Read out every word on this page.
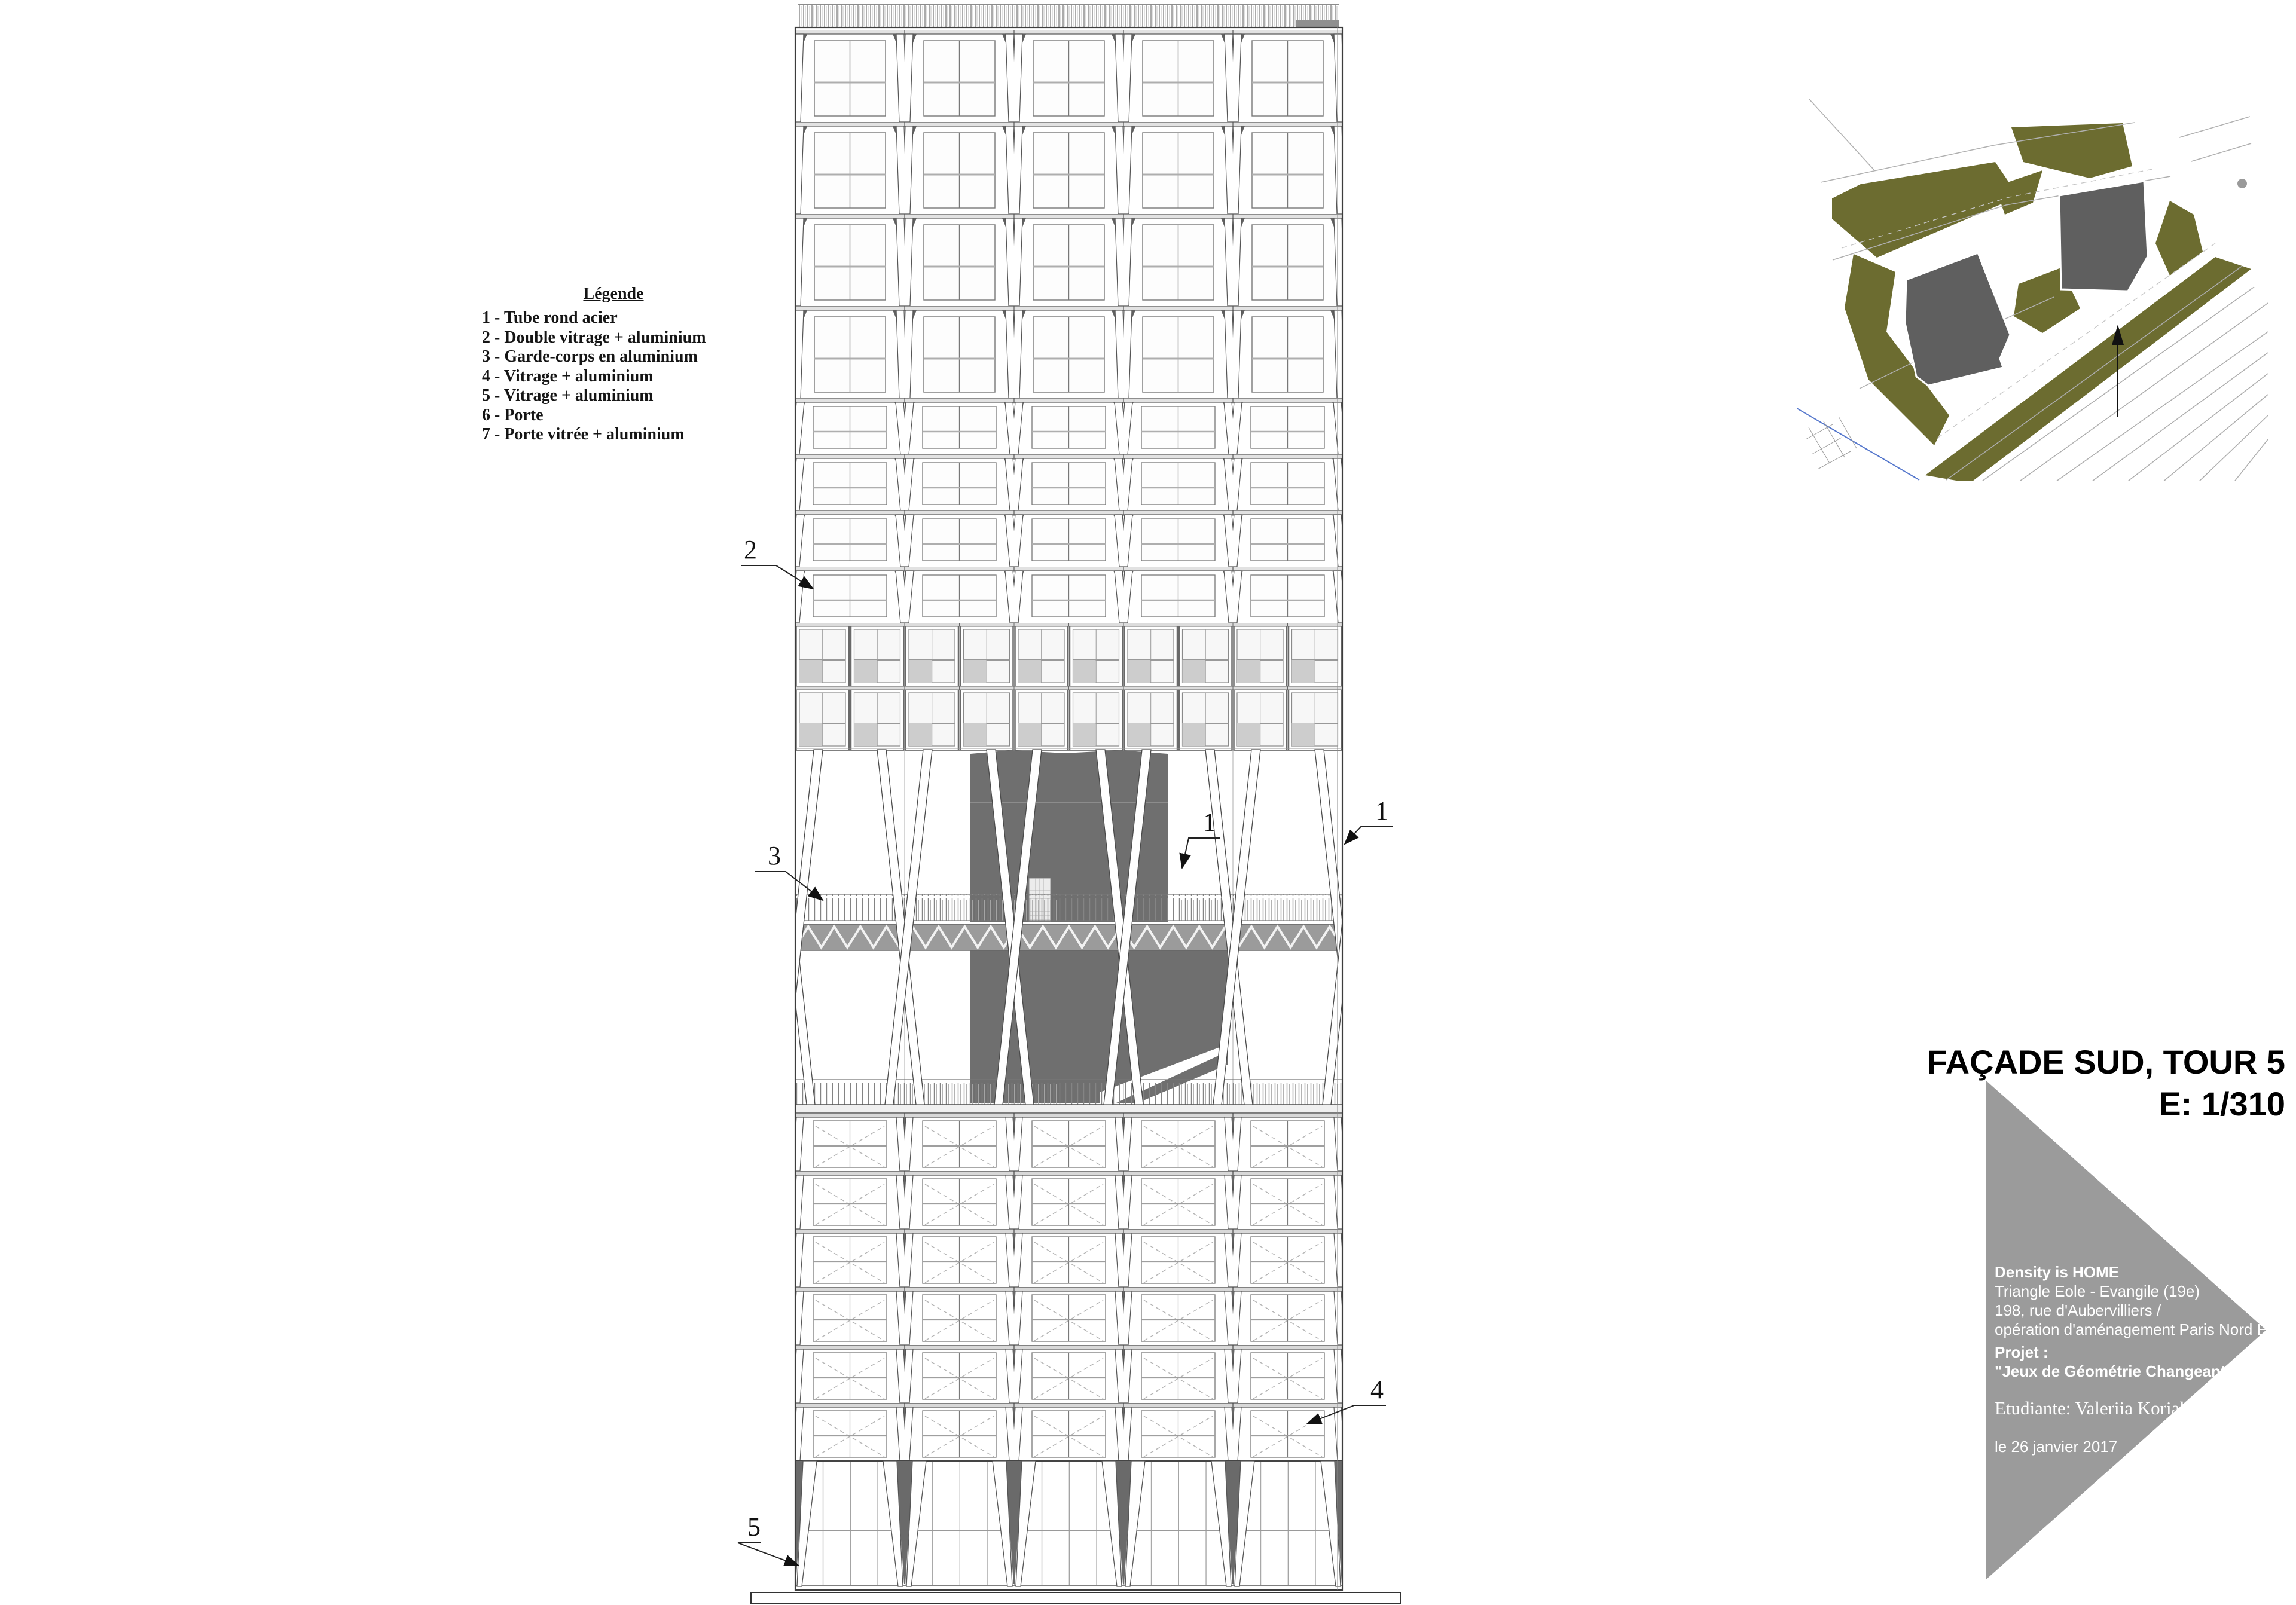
Légende
1 - Tube rond acier
2 - Double vitrage + aluminium
3 - Garde-corps en aluminium
4 - Vitrage + aluminium
5 - Vitrage + aluminium
6 - Porte
7 - Porte vitrée + aluminium
2
3
1	1
4
5
FAÇADE SUD, TOUR 5
E: 1/310
Density is HOME
Triangle Eole - Evangile (19e)
198, rue d'Aubervilliers /
opération d'aménagement Paris Nord Est
Projet :
"Jeux de Géométrie Changeante"
Etudiante: Valeriia Koriakina
le 26 janvier 2017
